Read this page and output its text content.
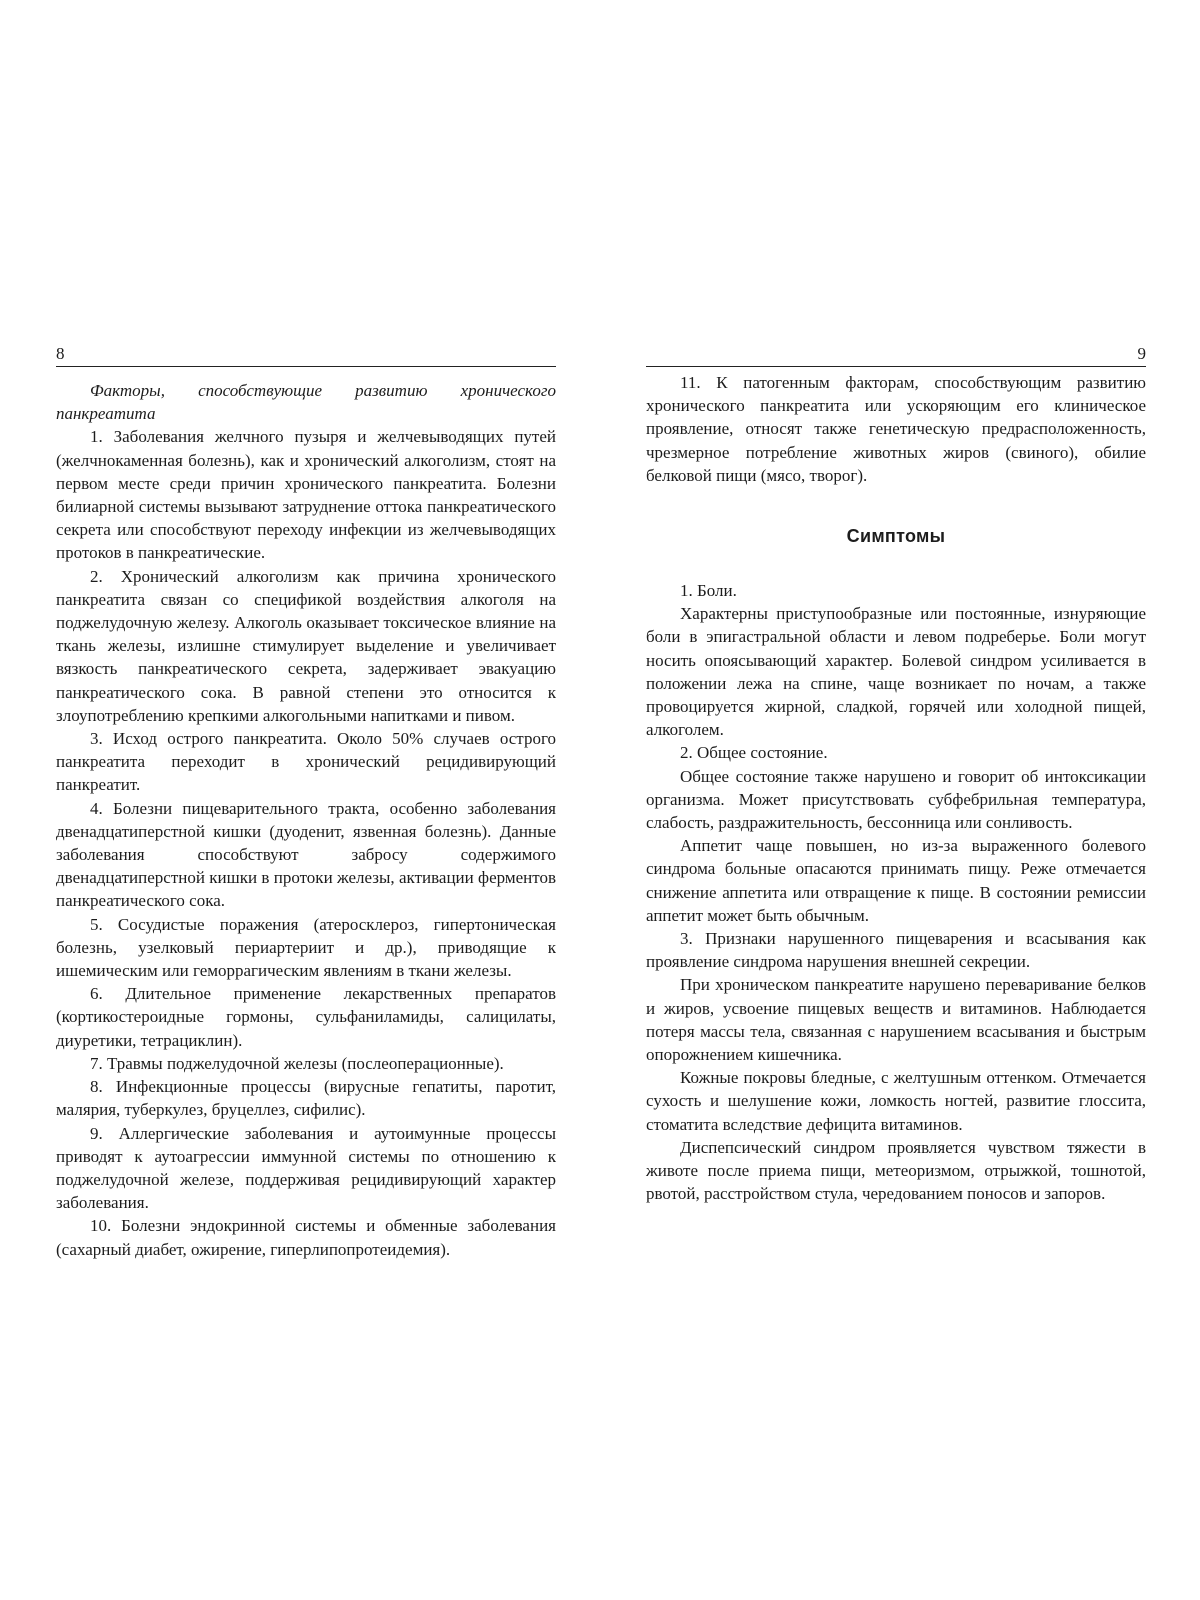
8

Факторы, способствующие развитию хронического панкреатита

1. Заболевания желчного пузыря и желчевыводящих путей (желчнокаменная болезнь), как и хронический алкоголизм, стоят на первом месте среди причин хронического панкреатита. Болезни билиарной системы вызывают затруднение оттока панкреатического секрета или способствуют переходу инфекции из желчевыводящих протоков в панкреатические.

2. Хронический алкоголизм как причина хронического панкреатита связан со спецификой воздействия алкоголя на поджелудочную железу. Алкоголь оказывает токсическое влияние на ткань железы, излишне стимулирует выделение и увеличивает вязкость панкреатического секрета, задерживает эвакуацию панкреатического сока. В равной степени это относится к злоупотреблению крепкими алкогольными напитками и пивом.

3. Исход острого панкреатита. Около 50% случаев острого панкреатита переходит в хронический рецидивирующий панкреатит.

4. Болезни пищеварительного тракта, особенно заболевания двенадцатиперстной кишки (дуоденит, язвенная болезнь). Данные заболевания способствуют забросу содержимого двенадцатиперстной кишки в протоки железы, активации ферментов панкреатического сока.

5. Сосудистые поражения (атеросклероз, гипертоническая болезнь, узелковый периартериит и др.), приводящие к ишемическим или геморрагическим явлениям в ткани железы.

6. Длительное применение лекарственных препаратов (кортикостероидные гормоны, сульфаниламиды, салицилаты, диуретики, тетрациклин).

7. Травмы поджелудочной железы (послеоперационные).

8. Инфекционные процессы (вирусные гепатиты, паротит, малярия, туберкулез, бруцеллез, сифилис).

9. Аллергические заболевания и аутоимунные процессы приводят к аутоагрессии иммунной системы по отношению к поджелудочной железе, поддерживая рецидивирующий характер заболевания.

10. Болезни эндокринной системы и обменные заболевания (сахарный диабет, ожирение, гиперлипопротеидемия).

9

11. К патогенным факторам, способствующим развитию хронического панкреатита или ускоряющим его клиническое проявление, относят также генетическую предрасположенность, чрезмерное потребление животных жиров (свиного), обилие белковой пищи (мясо, творог).

Симптомы

1. Боли.

Характерны приступообразные или постоянные, изнуряющие боли в эпигастральной области и левом подреберье. Боли могут носить опоясывающий характер. Болевой синдром усиливается в положении лежа на спине, чаще возникает по ночам, а также провоцируется жирной, сладкой, горячей или холодной пищей, алкоголем.

2. Общее состояние.

Общее состояние также нарушено и говорит об интоксикации организма. Может присутствовать субфебрильная температура, слабость, раздражительность, бессонница или сонливость.

Аппетит чаще повышен, но из-за выраженного болевого синдрома больные опасаются принимать пищу. Реже отмечается снижение аппетита или отвращение к пище. В состоянии ремиссии аппетит может быть обычным.

3. Признаки нарушенного пищеварения и всасывания как проявление синдрома нарушения внешней секреции.

При хроническом панкреатите нарушено переваривание белков и жиров, усвоение пищевых веществ и витаминов. Наблюдается потеря массы тела, связанная с нарушением всасывания и быстрым опорожнением кишечника.

Кожные покровы бледные, с желтушным оттенком. Отмечается сухость и шелушение кожи, ломкость ногтей, развитие глоссита, стоматита вследствие дефицита витаминов.

Диспепсический синдром проявляется чувством тяжести в животе после приема пищи, метеоризмом, отрыжкой, тошнотой, рвотой, расстройством стула, чередованием поносов и запоров.
